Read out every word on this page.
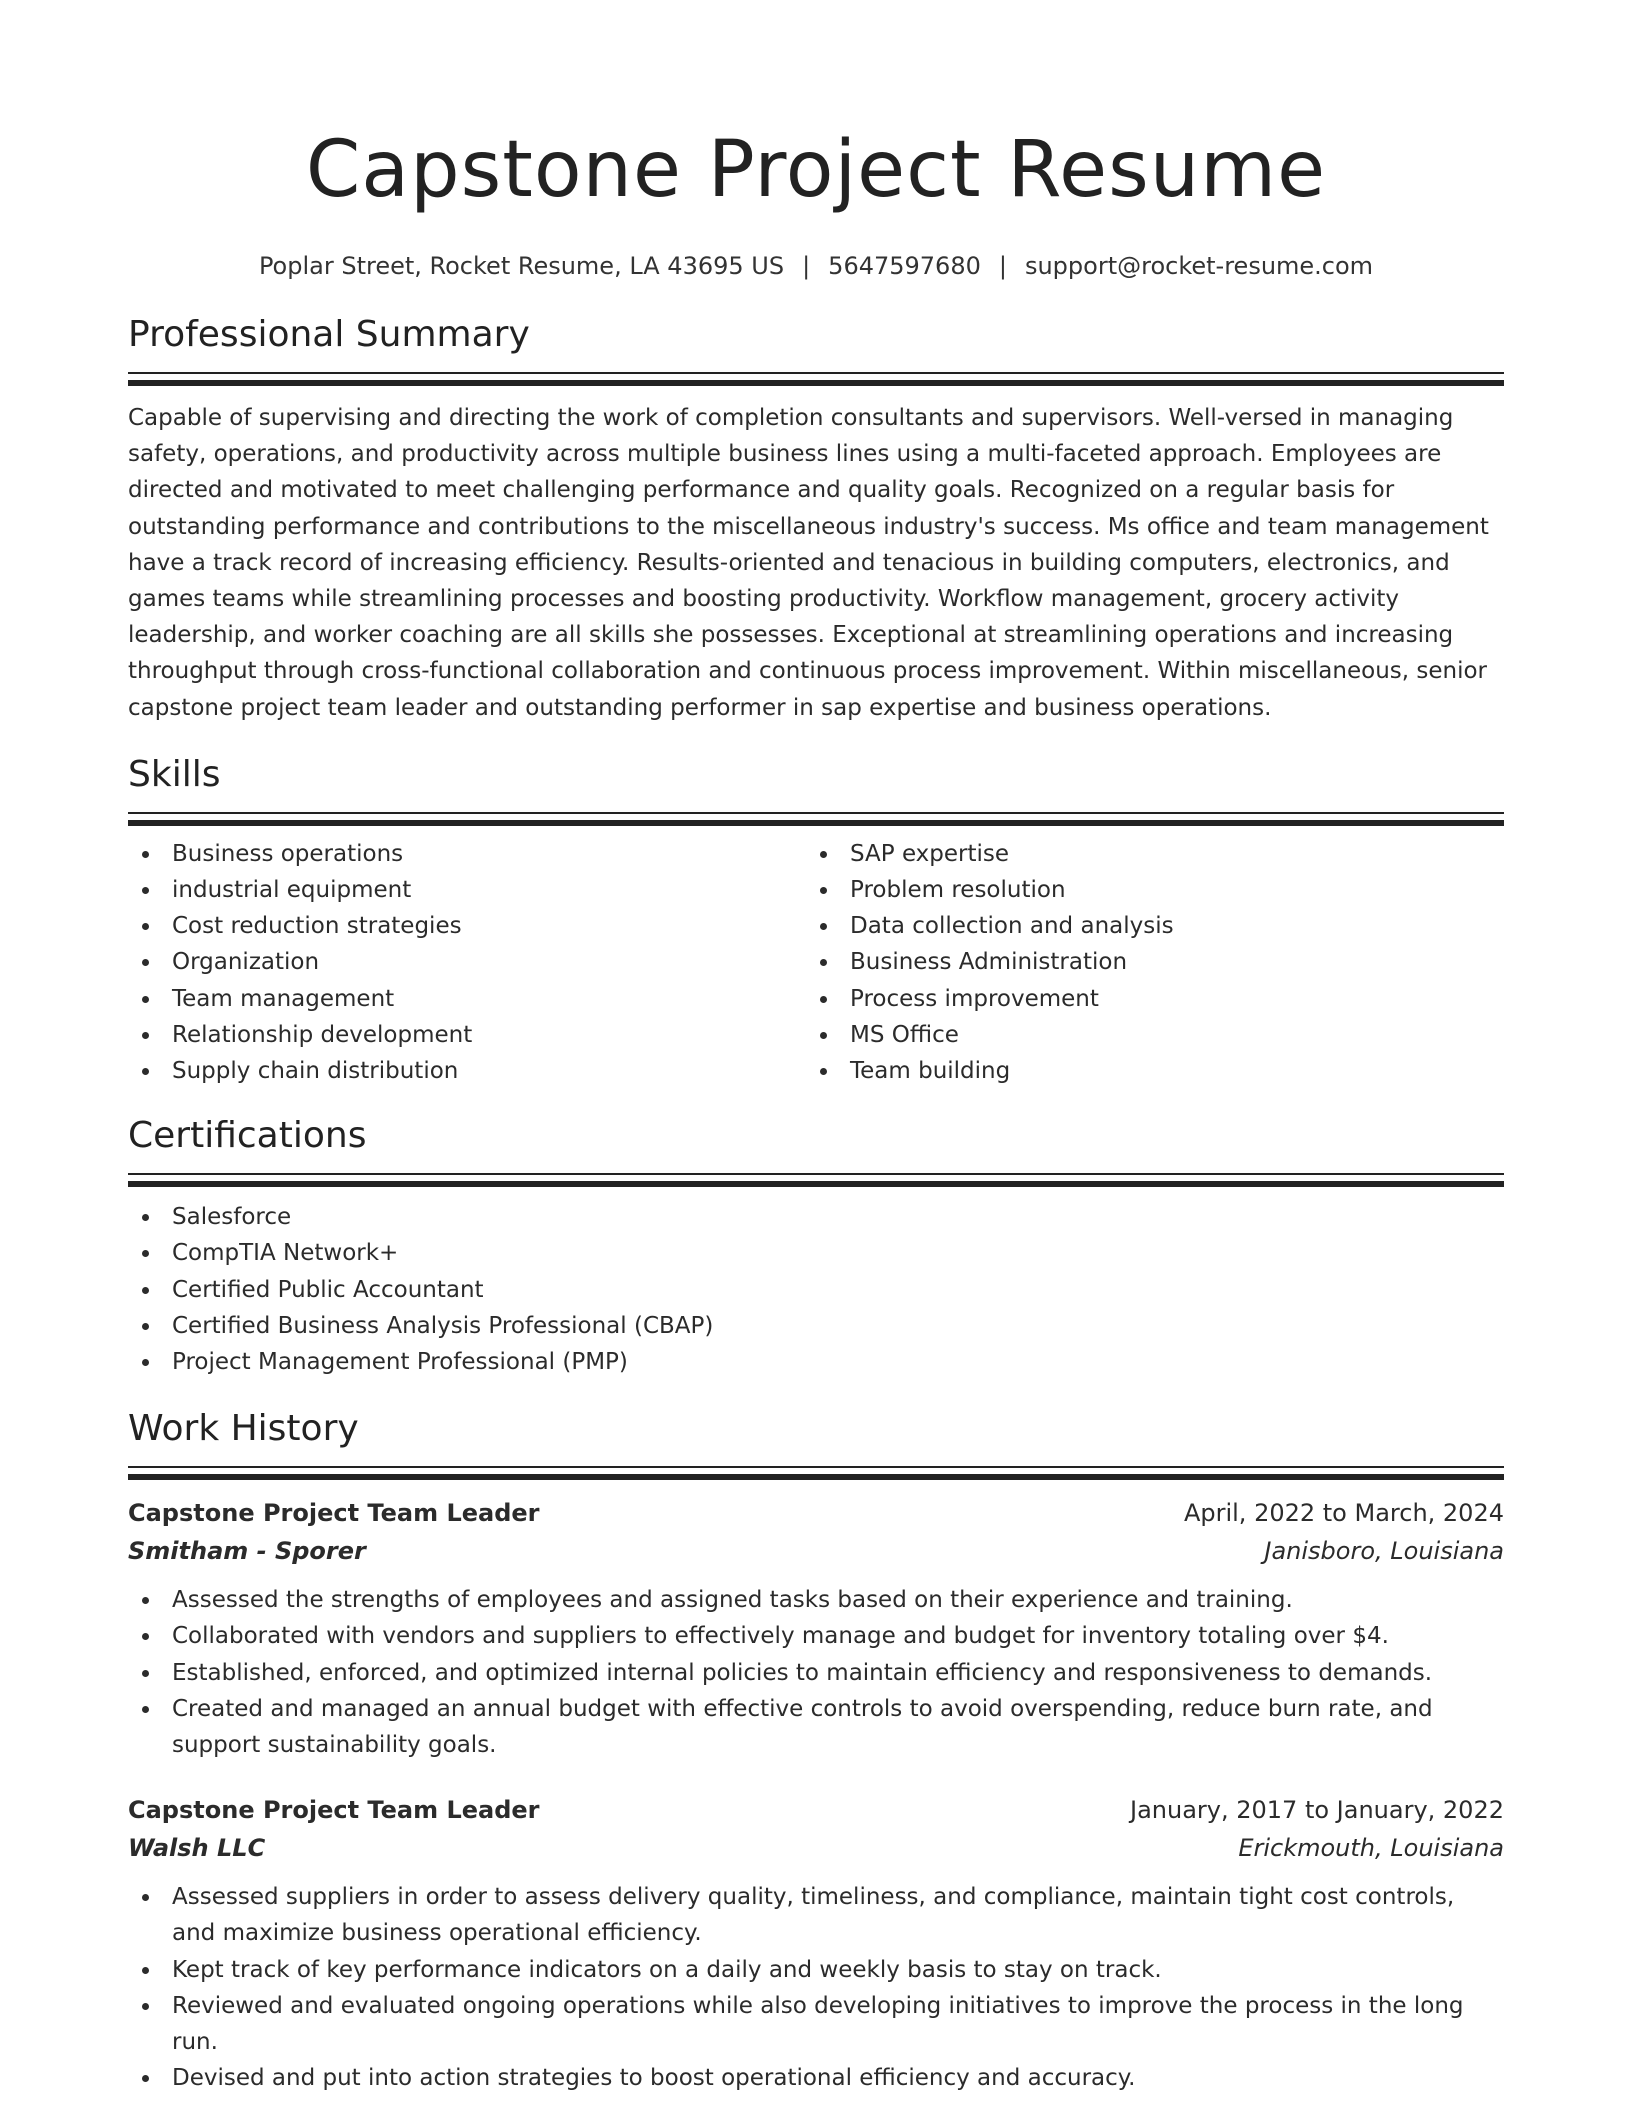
Capstone Project Resume
Poplar Street, Rocket Resume, LA 43695 US | 5647597680 | support@rocket-resume.com
Professional Summary

Capable of supervising and directing the work of completion consultants and supervisors. Well-versed in managing safety, operations, and productivity across multiple business lines using a multi-faceted approach. Employees are directed and motivated to meet challenging performance and quality goals. Recognized on a regular basis for outstanding performance and contributions to the miscellaneous industry's success. Ms office and team management have a track record of increasing efficiency. Results-oriented and tenacious in building computers, electronics, and games teams while streamlining processes and boosting productivity. Workflow management, grocery activity leadership, and worker coaching are all skills she possesses. Exceptional at streamlining operations and increasing throughput through cross-functional collaboration and continuous process improvement. Within miscellaneous, senior capstone project team leader and outstanding performer in sap expertise and business operations.

Skills
Business operations
industrial equipment
Cost reduction strategies
Organization
Team management
Relationship development
Supply chain distribution
SAP expertise
Problem resolution
Data collection and analysis
Business Administration
Process improvement
MS Office
Team building
Certifications
Salesforce
CompTIA Network+
Certified Public Accountant
Certified Business Analysis Professional (CBAP)
Project Management Professional (PMP)
Work History
Capstone Project Team Leader	April, 2022 to March, 2024
Smitham - Sporer	Janisboro, Louisiana
Assessed the strengths of employees and assigned tasks based on their experience and training.
Collaborated with vendors and suppliers to effectively manage and budget for inventory totaling over $4.
Established, enforced, and optimized internal policies to maintain efficiency and responsiveness to demands.
Created and managed an annual budget with effective controls to avoid overspending, reduce burn rate, and support sustainability goals.
Capstone Project Team Leader	January, 2017 to January, 2022
Walsh LLC	Erickmouth, Louisiana
Assessed suppliers in order to assess delivery quality, timeliness, and compliance, maintain tight cost controls, and maximize business operational efficiency.
Kept track of key performance indicators on a daily and weekly basis to stay on track.
Reviewed and evaluated ongoing operations while also developing initiatives to improve the process in the long run.
Devised and put into action strategies to boost operational efficiency and accuracy.
